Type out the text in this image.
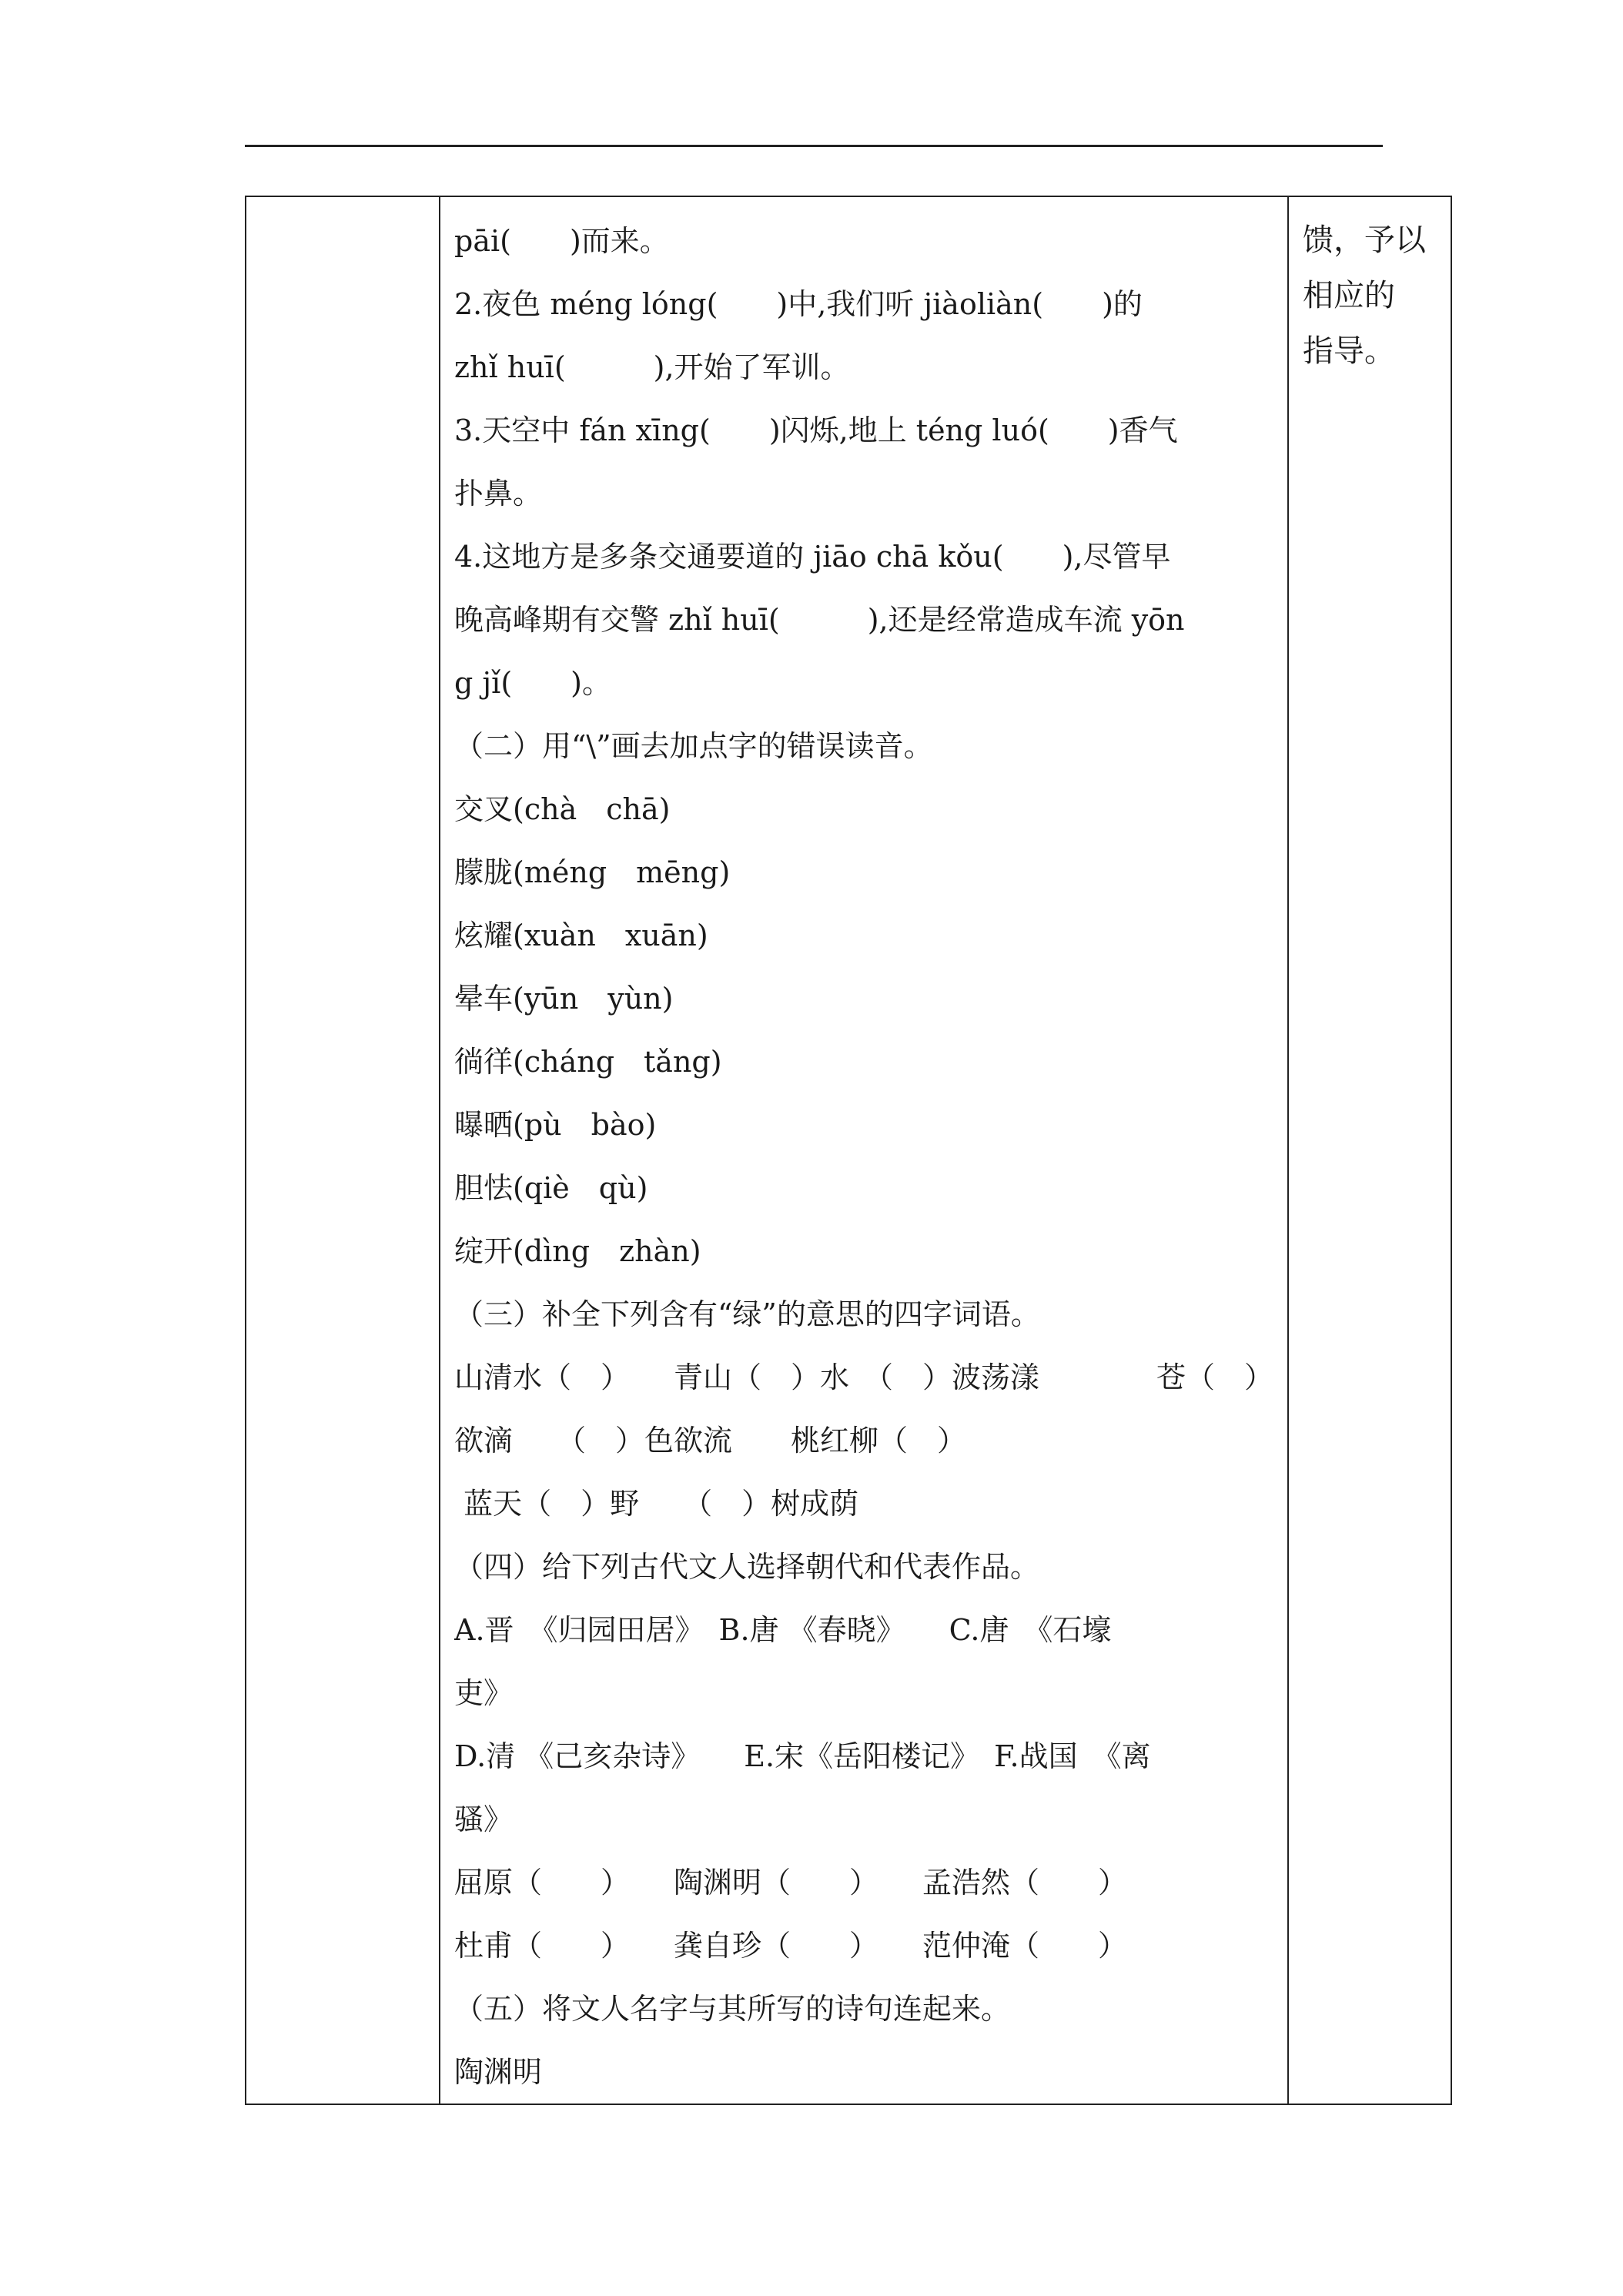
pāi(　　)而来。
2.夜色 méng lóng(　　)中,我们听 jiàoliàn(　　)的
zhǐ huī(　　　),开始了军训。
3.天空中 fán xīng(　　)闪烁,地上 téng luó(　　)香气
扑鼻。
4.这地方是多条交通要道的 jiāo chā kǒu(　　),尽管早
晚高峰期有交警 zhǐ huī(　　　),还是经常造成车流 yōn
g jǐ(　　)。
（二）用“\”画去加点字的错误读音。
交叉(chà　chā)
朦胧(méng　mēng)
炫耀(xuàn　xuān)
晕车(yūn　yùn)
徜徉(cháng　tǎng)
曝晒(pù　bào)
胆怯(qiè　qù)
绽开(dìng　zhàn)
（三）补全下列含有“绿”的意思的四字词语。
山清水（　）　　青山（　）水　（　）波荡漾　　　　苍（　）
欲滴　　（　）色欲流　　桃红柳（　）
蓝天（　）野　　（　）树成荫
（四）给下列古代文人选择朝代和代表作品。
A.晋　《归园田居》　B.唐 《春晓》　　C.唐　《石壕
吏》
D.清 《己亥杂诗》　　E.宋《岳阳楼记》　F.战国　《离
骚》
屈原（　　）　　陶渊明（　　）　　孟浩然（　　）
杜甫（　　）　　龚自珍（　　）　　范仲淹（　　）
（五）将文人名字与其所写的诗句连起来。
陶渊明

馈，予以
相应的
指导。
